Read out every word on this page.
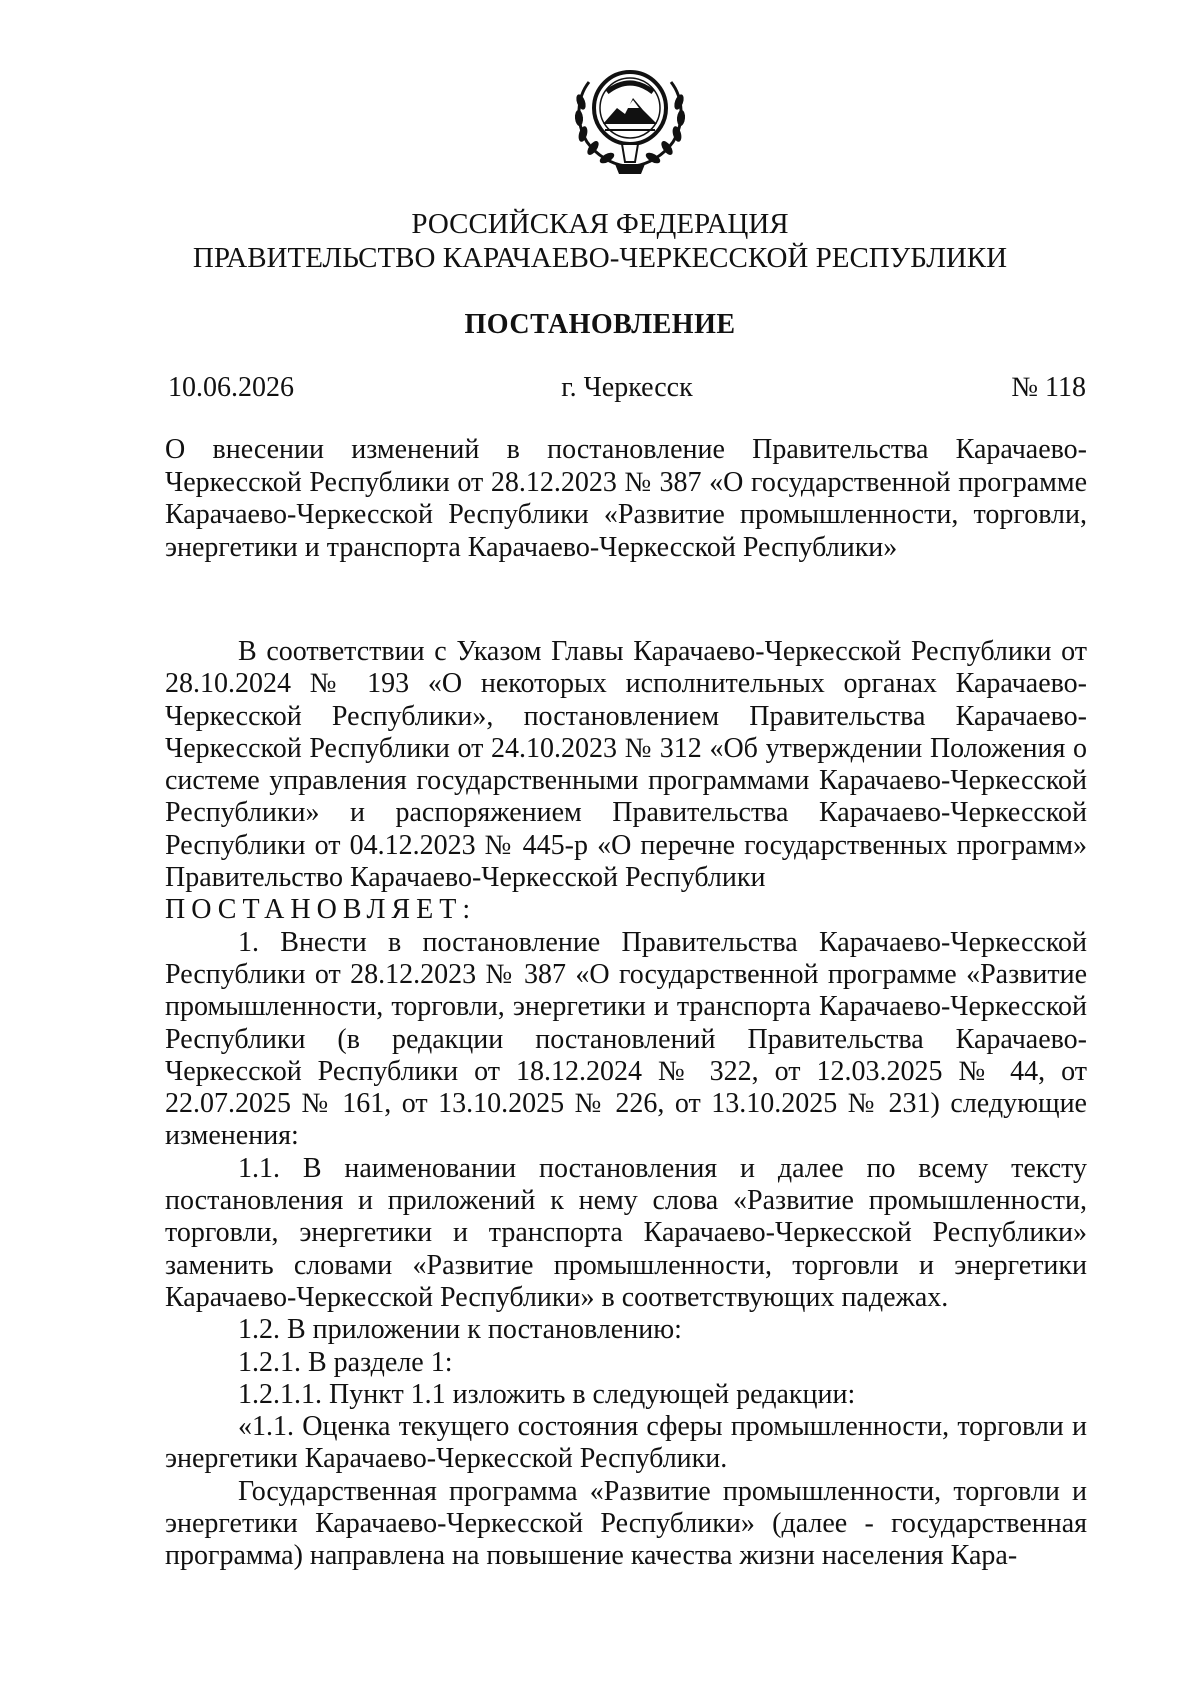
РОССИЙСКАЯ ФЕДЕРАЦИЯ
ПРАВИТЕЛЬСТВО КАРАЧАЕВО-ЧЕРКЕССКОЙ РЕСПУБЛИКИ
ПОСТАНОВЛЕНИЕ
10.06.2026	г. Черкесск	№ 118
О внесении изменений в постановление Правительства Карачаево-Черкесской Республики от 28.12.2023 № 387 «О государственной программе Карачаево-Черкесской Республики «Развитие промышленности, торговли, энергетики и транспорта Карачаево-Черкесской Республики»

В соответствии с Указом Главы Карачаево-Черкесской Республики от 28.10.2024 № 193 «О некоторых исполнительных органах Карачаево-Черкесской Республики», постановлением Правительства Карачаево-Черкесской Республики от 24.10.2023 № 312 «Об утверждении Положения о системе управления государственными программами Карачаево-Черкесской Республики» и распоряжением Правительства Карачаево-Черкесской Республики от 04.12.2023 № 445-р «О перечне государственных программ» Правительство Карачаево-Черкесской Республики

ПОСТАНОВЛЯЕТ:

1. Внести в постановление Правительства Карачаево-Черкесской Республики от 28.12.2023 № 387 «О государственной программе «Развитие промышленности, торговли, энергетики и транспорта Карачаево-Черкесской Республики (в редакции постановлений Правительства Карачаево-Черкесской Республики от 18.12.2024 № 322, от 12.03.2025 № 44, от 22.07.2025 № 161, от 13.10.2025 № 226, от 13.10.2025 № 231) следующие изменения:

1.1. В наименовании постановления и далее по всему тексту постановления и приложений к нему слова «Развитие промышленности, торговли, энергетики и транспорта Карачаево-Черкесской Республики» заменить словами «Развитие промышленности, торговли и энергетики Карачаево-Черкесской Республики» в соответствующих падежах.

1.2. В приложении к постановлению:

1.2.1. В разделе 1:

1.2.1.1. Пункт 1.1 изложить в следующей редакции:

«1.1. Оценка текущего состояния сферы промышленности, торговли и энергетики Карачаево-Черкесской Республики.

Государственная программа «Развитие промышленности, торговли и энергетики Карачаево-Черкесской Республики» (далее - государственная программа) направлена на повышение качества жизни населения Кара-
